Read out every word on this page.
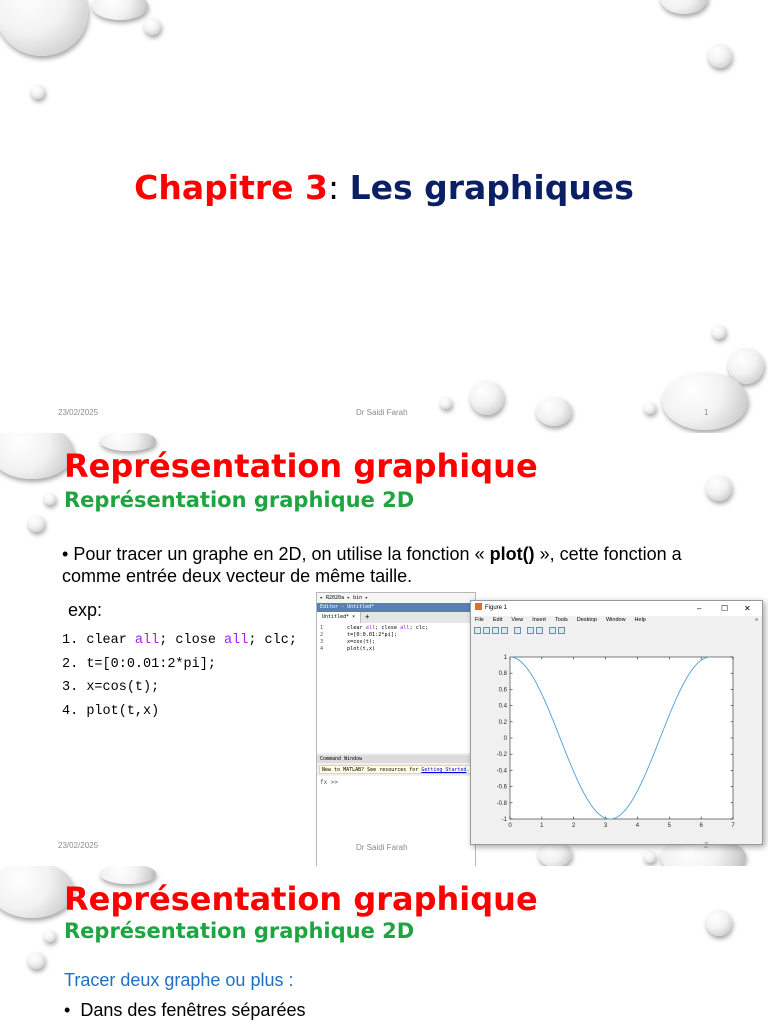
Chapitre 3: Les graphiques
23/02/2025	Dr Saidi Farah	1
Représentation graphique
Représentation graphique 2D
• Pour tracer un graphe en 2D, on utilise la fonction « plot() », cette fonction a comme entrée deux vecteur de même taille.
exp:
1. clear all; close all; clc;
2. t=[0:0.01:2*pi];
3. x=cos(t);
4. plot(t,x)
▸ R2020a ▸ bin ▸
Editor - Untitled*
Untitled* ×	+
1
2
3
4
clear all; close all; clc;
t=[0:0.01:2*pi];
x=cos(t);
plot(t,x)
Command Window
New to MATLAB? See resources for Getting Started.
fx >>
Figure 1	– ☐ ✕
File Edit View Insert Tools Desktop Window Help	»
0	1	2	3	4	5	6	7
1
0.8
0.6
0.4
0.2
0
-0.2
-0.4
-0.6
-0.8
-1
23/02/2025	Dr Saidi Farah	2
Représentation graphique
Représentation graphique 2D
Tracer deux graphe ou plus :
• Dans des fenêtres séparées
